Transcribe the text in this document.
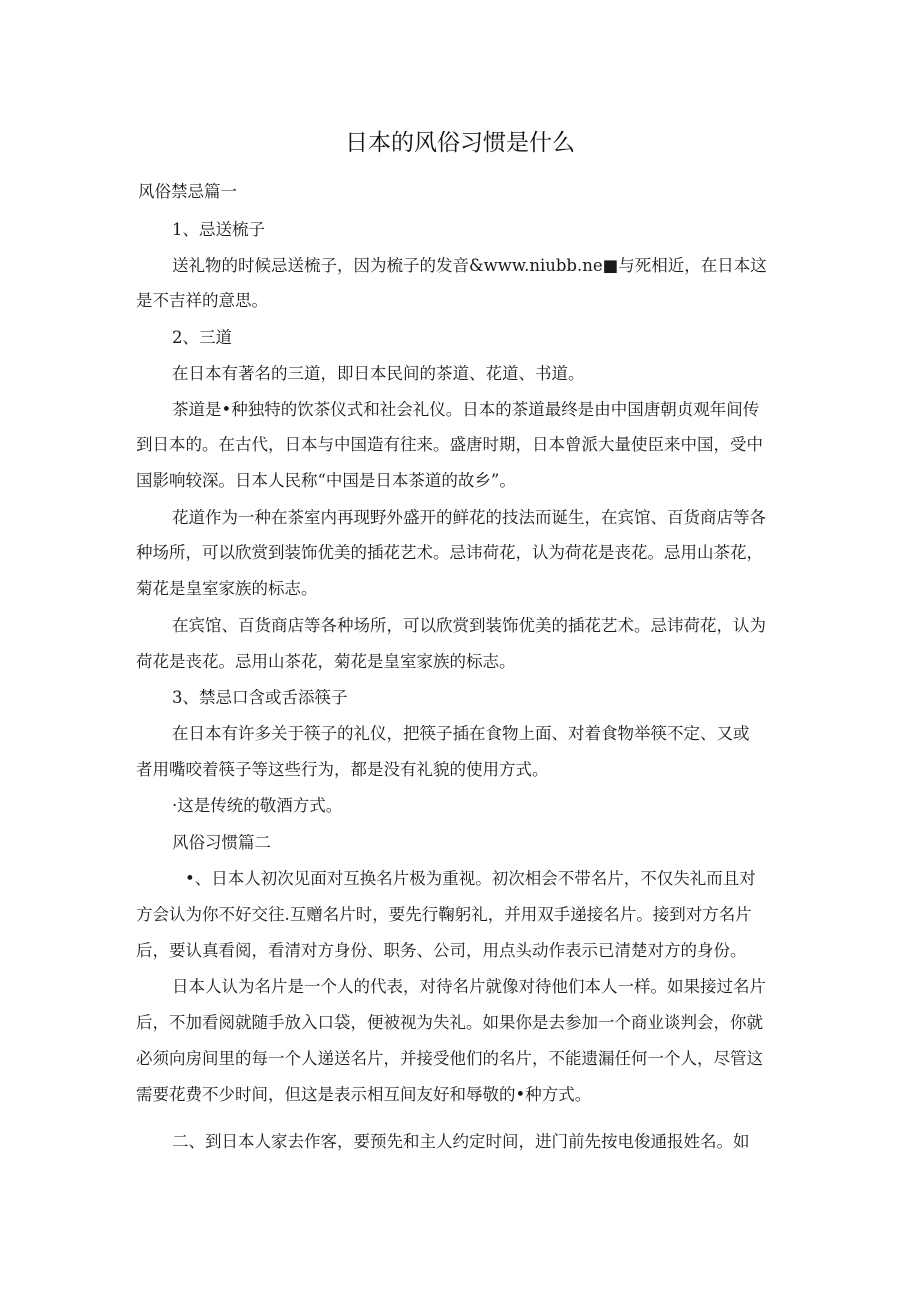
日本的风俗习惯是什么

风俗禁忌篇一

1、忌送梳子

送礼物的时候忌送梳子，因为梳子的发音&www.niubb.ne■与死相近，在日本这

是不吉祥的意思。

2、三道

在日本有著名的三道，即日本民间的茶道、花道、书道。

茶道是•种独特的饮茶仪式和社会礼仪。日本的茶道最终是由中国唐朝贞观年间传

到日本的。在古代，日本与中国造有往来。盛唐时期，日本曾派大量使臣来中国，受中

国影响较深。日本人民称“中国是日本茶道的故乡”。

花道作为一种在茶室内再现野外盛开的鲜花的技法而诞生，在宾馆、百货商店等各

种场所，可以欣赏到装饰优美的插花艺术。忌讳荷花，认为荷花是丧花。忌用山茶花，

菊花是皇室家族的标志。

在宾馆、百货商店等各种场所，可以欣赏到装饰优美的插花艺术。忌讳荷花，认为

荷花是丧花。忌用山茶花，菊花是皇室家族的标志。

3、禁忌口含或舌添筷子

在日本有许多关于筷子的礼仪，把筷子插在食物上面、对着食物举筷不定、又或

者用嘴咬着筷子等这些行为，都是没有礼貌的使用方式。

·这是传统的敬酒方式。

风俗习惯篇二

•、日本人初次见面对互换名片极为重视。初次相会不带名片，不仅失礼而且对

方会认为你不好交往.互赠名片时，要先行鞠躬礼，并用双手递接名片。接到对方名片

后，要认真看阅，看清对方身份、职务、公司，用点头动作表示已清楚对方的身份。

日本人认为名片是一个人的代表，对待名片就像对待他们本人一样。如果接过名片

后，不加看阅就随手放入口袋，便被视为失礼。如果你是去参加一个商业谈判会，你就

必须向房间里的每一个人递送名片，并接受他们的名片，不能遗漏任何一个人，尽管这

需要花费不少时间，但这是表示相互间友好和辱敬的•种方式。

二、到日本人家去作客，要预先和主人约定时间，进门前先按电俊通报姓名。如
